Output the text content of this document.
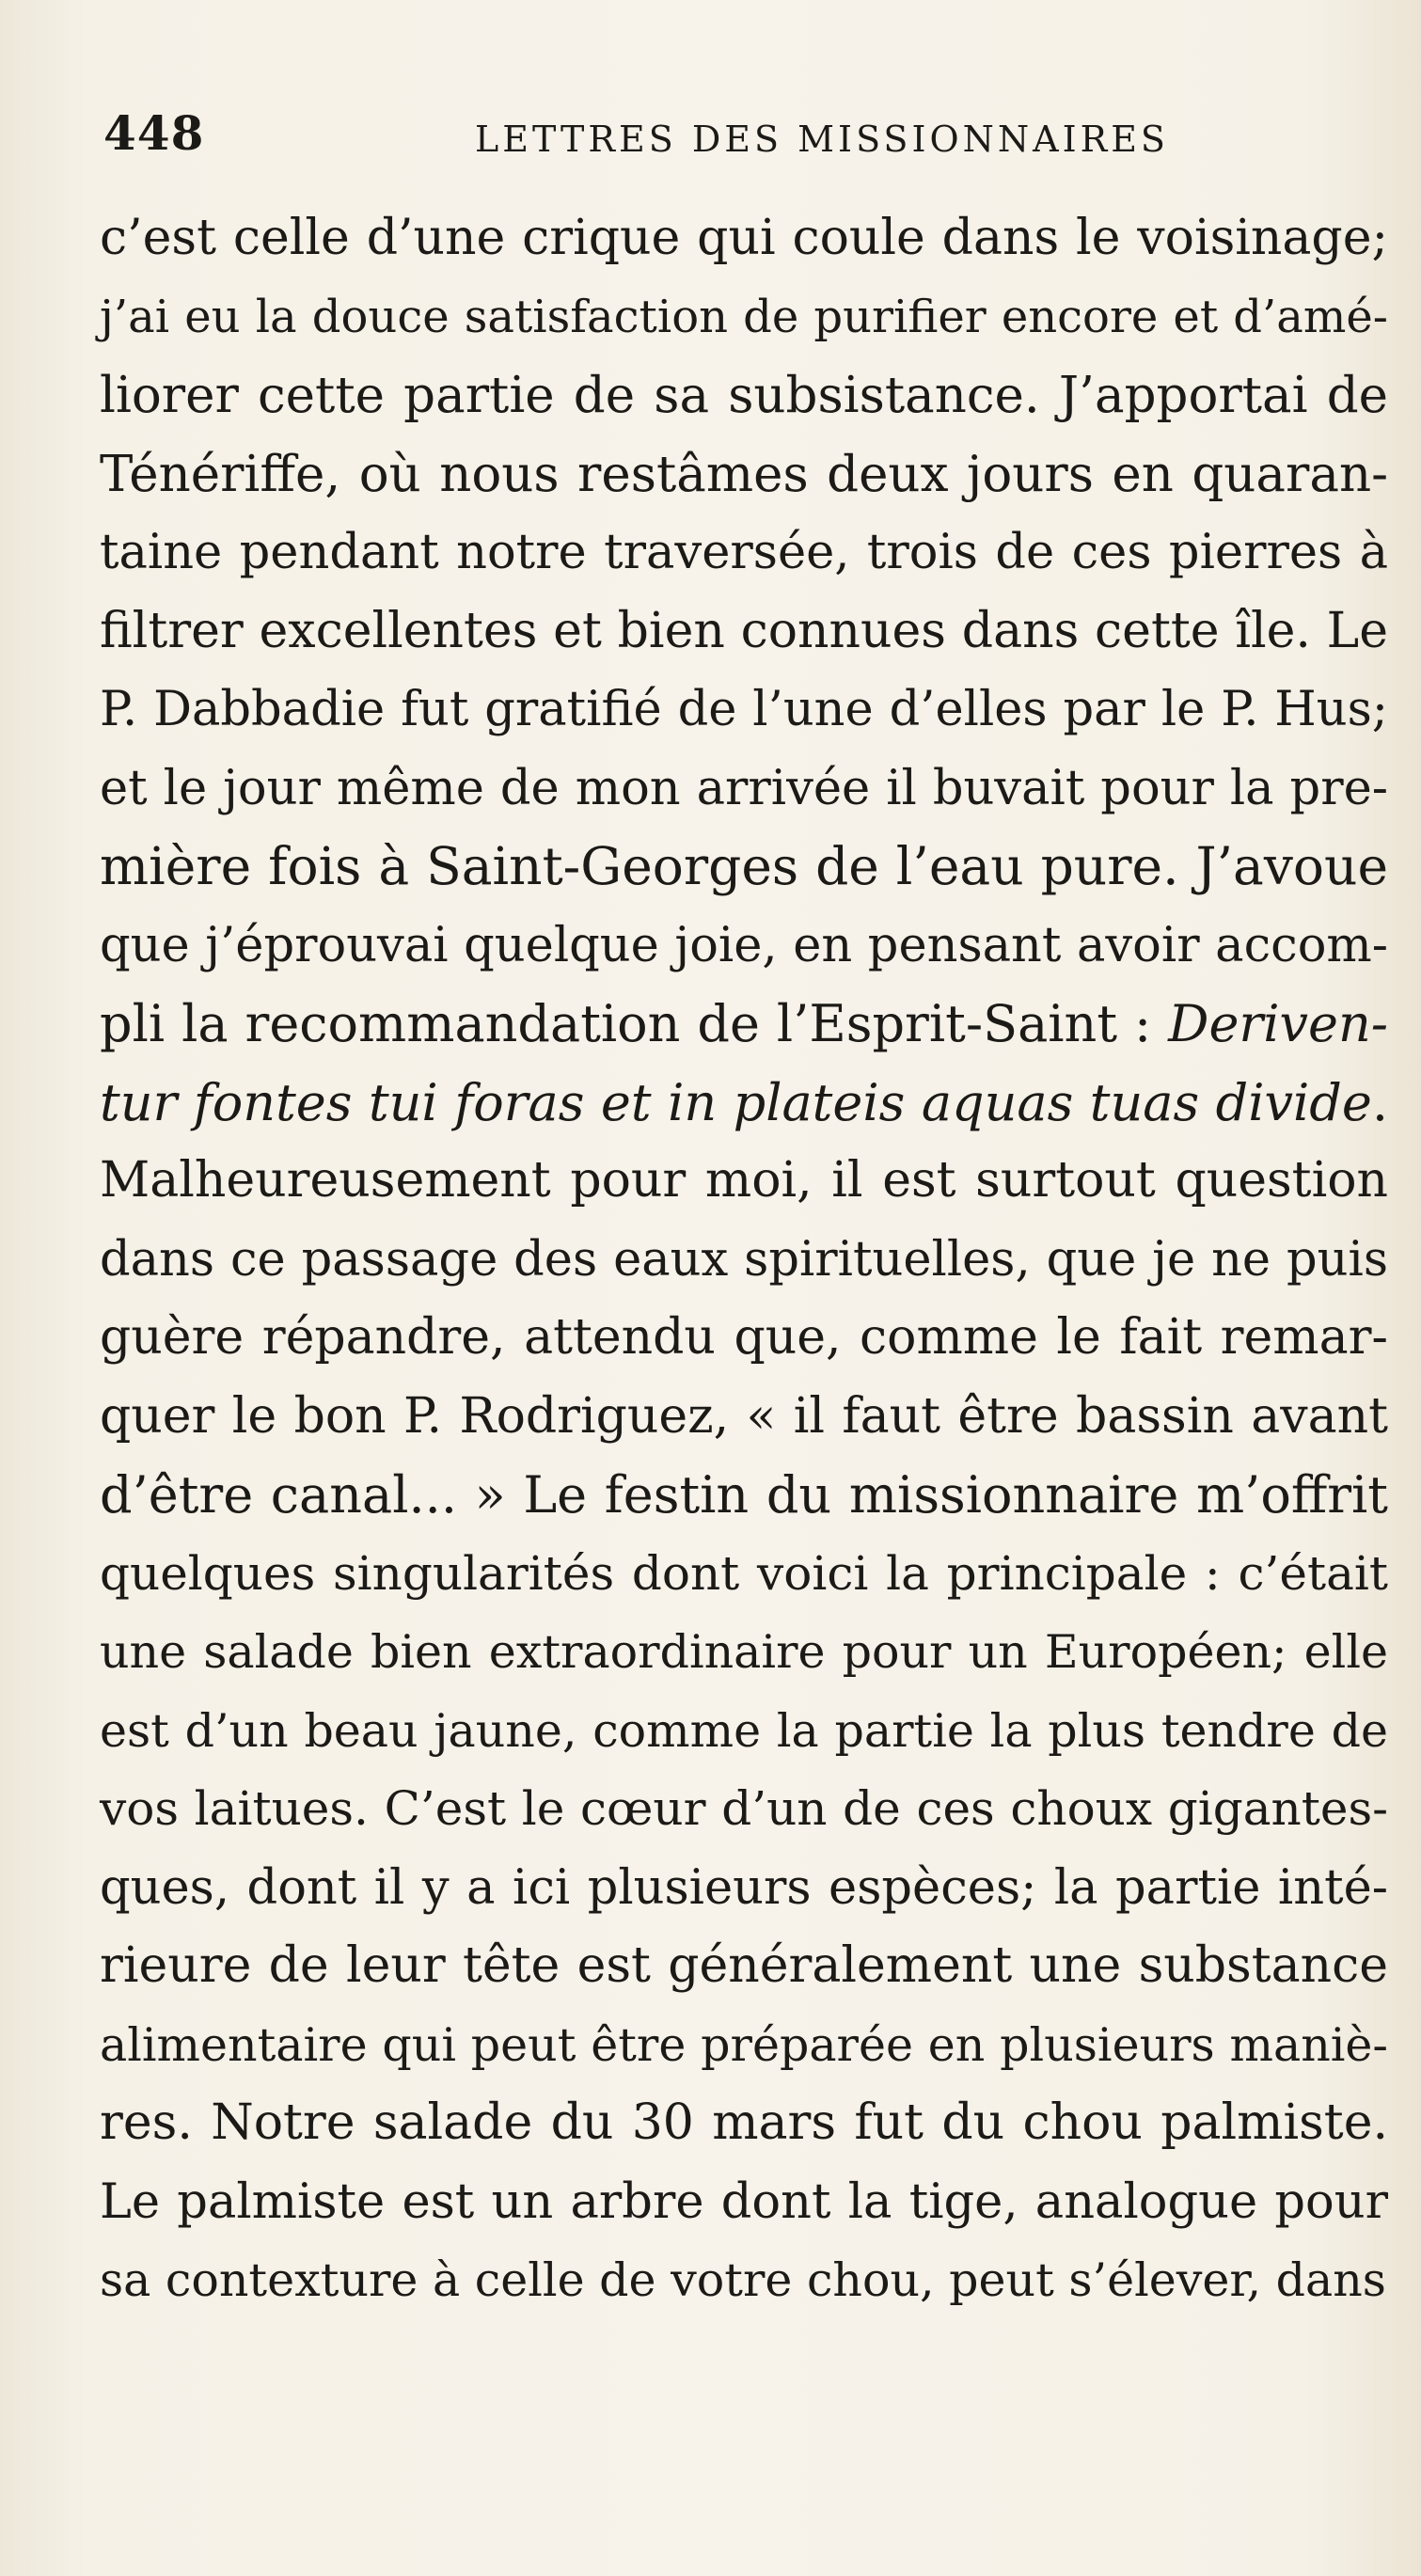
448	LETTRES DES MISSIONNAIRES
c’est celle d’une crique qui coule dans le voisinage;
j’ai eu la douce satisfaction de purifier encore et d’amé-
liorer cette partie de sa subsistance. J’apportai de
Ténériffe, où nous restâmes deux jours en quaran-
taine pendant notre traversée, trois de ces pierres à
filtrer excellentes et bien connues dans cette île. Le
P. Dabbadie fut gratifié de l’une d’elles par le P. Hus;
et le jour même de mon arrivée il buvait pour la pre-
mière fois à Saint-Georges de l’eau pure. J’avoue
que j’éprouvai quelque joie, en pensant avoir accom-
pli la recommandation de l’Esprit-Saint : Deriven-
tur fontes tui foras et in plateis aquas tuas divide.
Malheureusement pour moi, il est surtout question
dans ce passage des eaux spirituelles, que je ne puis
guère répandre, attendu que, comme le fait remar-
quer le bon P. Rodriguez, « il faut être bassin avant
d’être canal... » Le festin du missionnaire m’offrit
quelques singularités dont voici la principale : c’était
une salade bien extraordinaire pour un Européen; elle
est d’un beau jaune, comme la partie la plus tendre de
vos laitues. C’est le cœur d’un de ces choux gigantes-
ques, dont il y a ici plusieurs espèces; la partie inté-
rieure de leur tête est généralement une substance
alimentaire qui peut être préparée en plusieurs maniè-
res. Notre salade du 30 mars fut du chou palmiste.
Le palmiste est un arbre dont la tige, analogue pour
sa contexture à celle de votre chou, peut s’élever, dans
